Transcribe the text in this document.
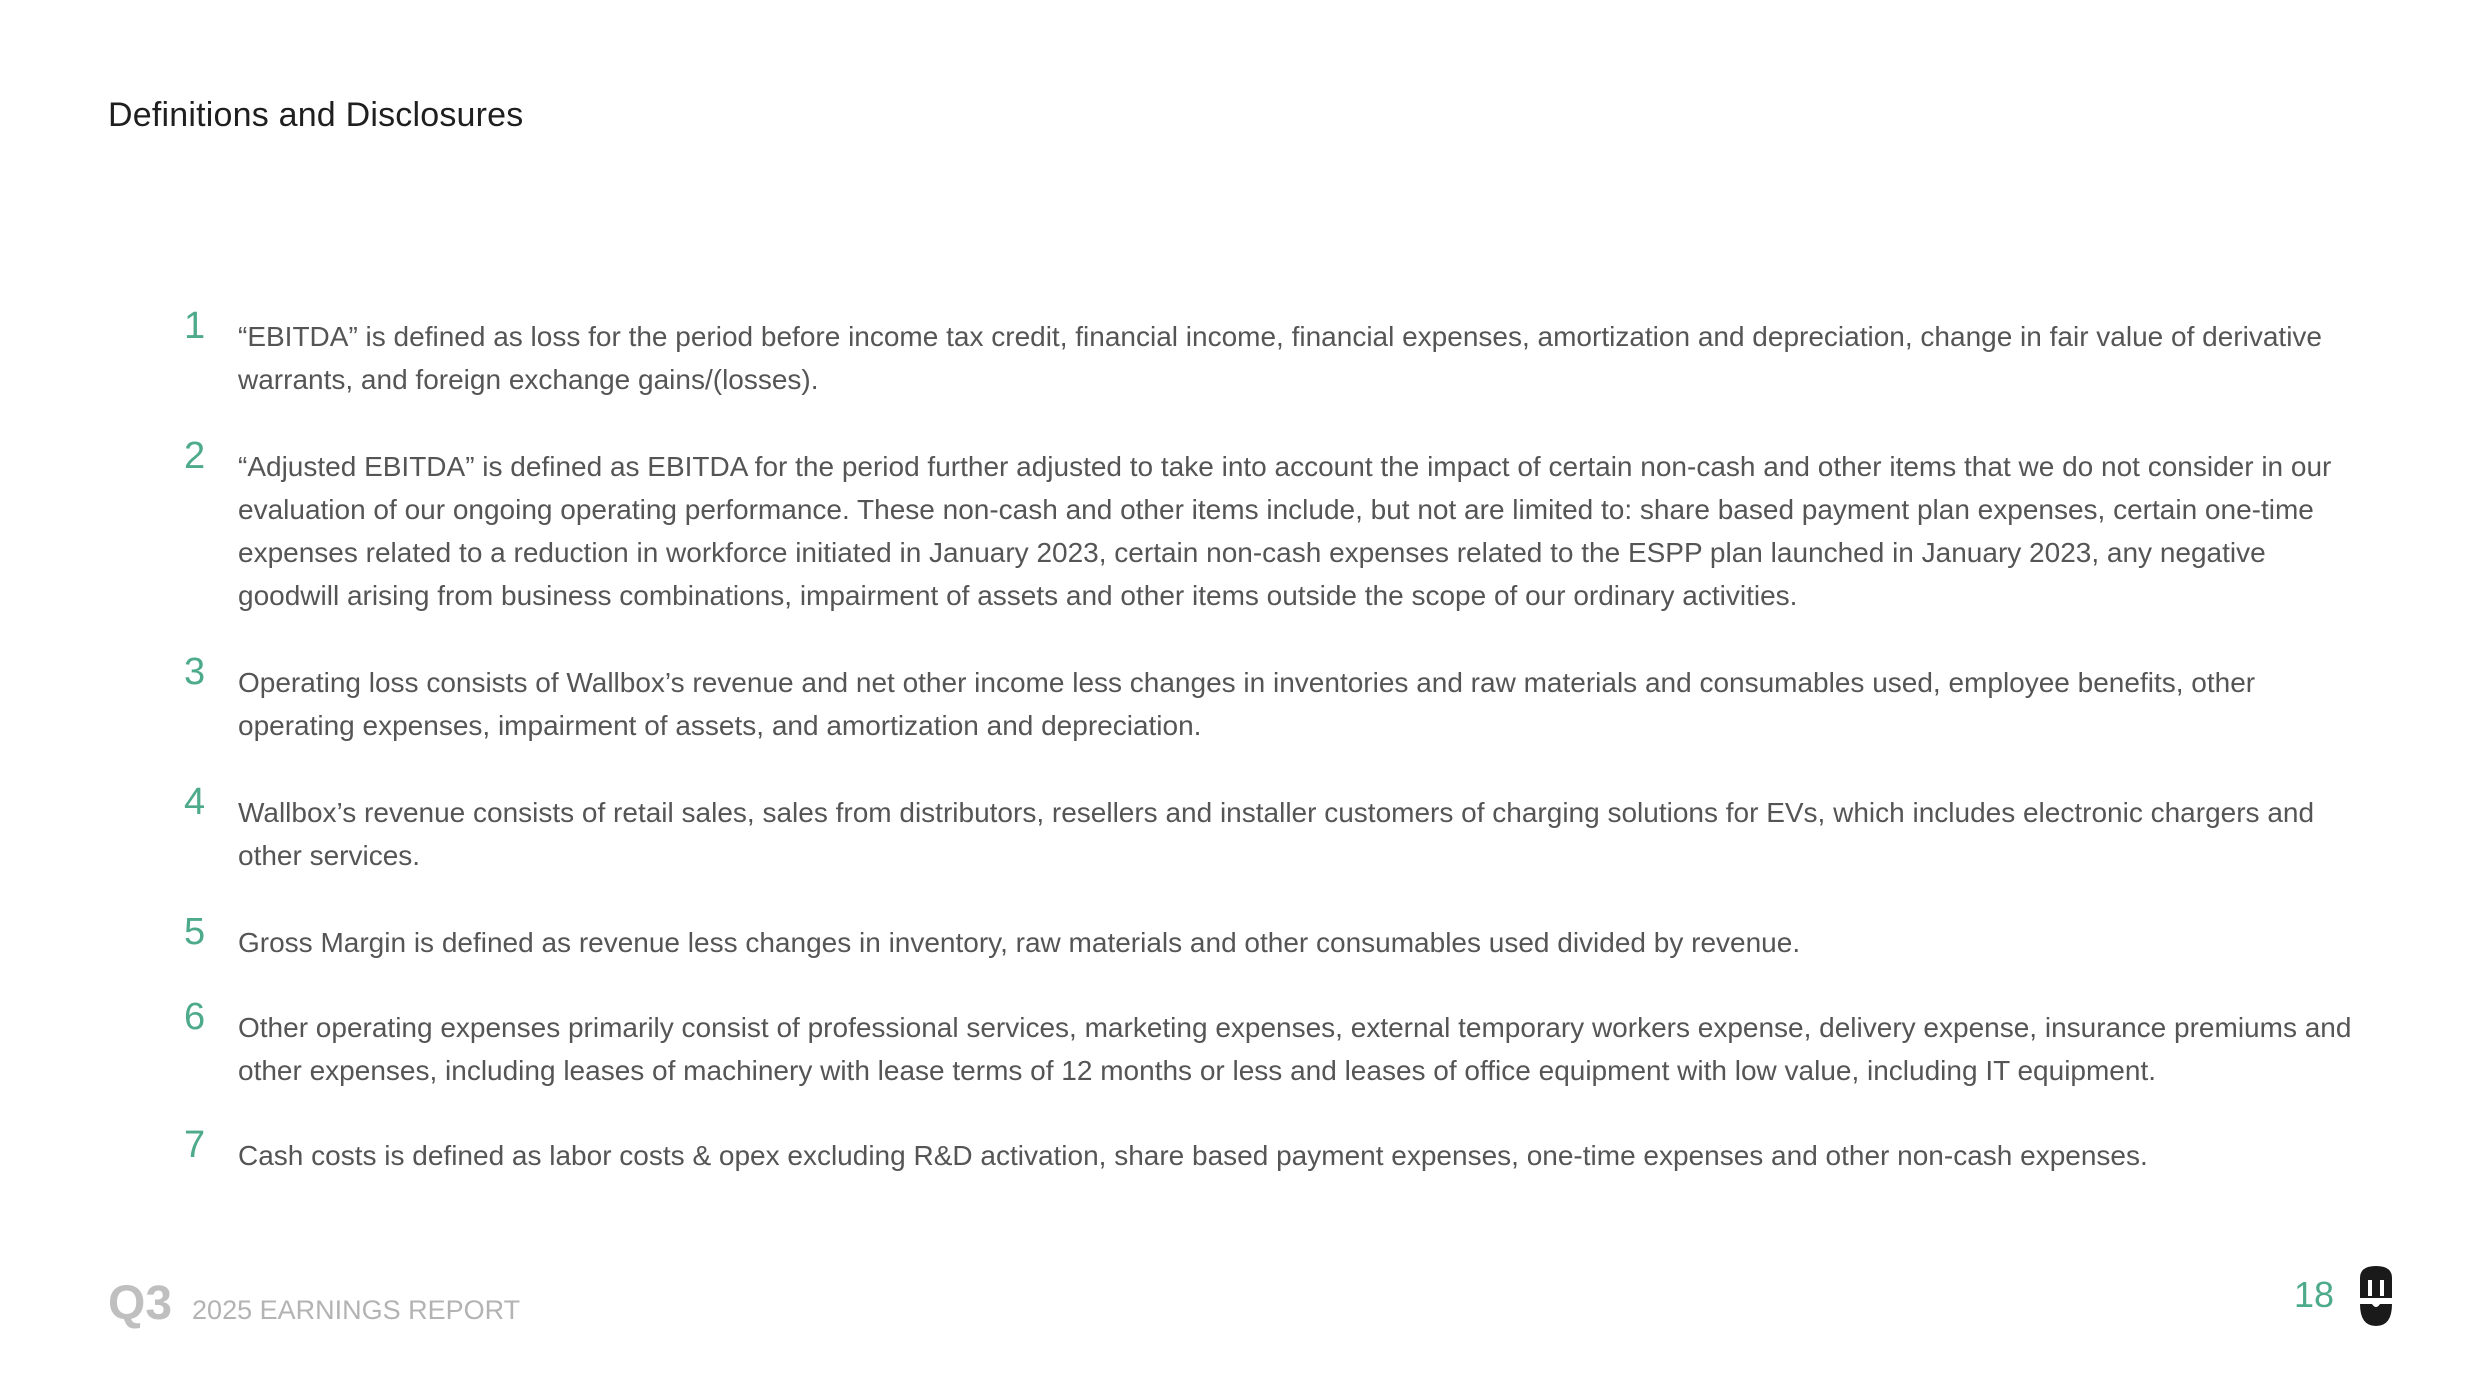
Definitions and Disclosures
1 “EBITDA” is defined as loss for the period before income tax credit, financial income, financial expenses, amortization and depreciation, change in fair value of derivative warrants, and foreign exchange gains/(losses).
2 “Adjusted EBITDA” is defined as EBITDA for the period further adjusted to take into account the impact of certain non-cash and other items that we do not consider in our evaluation of our ongoing operating performance. These non-cash and other items include, but not are limited to: share based payment plan expenses, certain one-time expenses related to a reduction in workforce initiated in January 2023, certain non-cash expenses related to the ESPP plan launched in January 2023, any negative goodwill arising from business combinations, impairment of assets and other items outside the scope of our ordinary activities.
3 Operating loss consists of Wallbox’s revenue and net other income less changes in inventories and raw materials and consumables used, employee benefits, other operating expenses, impairment of assets, and amortization and depreciation.
4 Wallbox’s revenue consists of retail sales, sales from distributors, resellers and installer customers of charging solutions for EVs, which includes electronic chargers and other services.
5 Gross Margin is defined as revenue less changes in inventory, raw materials and other consumables used divided by revenue.
6 Other operating expenses primarily consist of professional services, marketing expenses, external temporary workers expense, delivery expense, insurance premiums and other expenses, including leases of machinery with lease terms of 12 months or less and leases of office equipment with low value, including IT equipment.
7 Cash costs is defined as labor costs & opex excluding R&D activation, share based payment expenses, one-time expenses and other non-cash expenses.
Q3 2025 EARNINGS REPORT	18
